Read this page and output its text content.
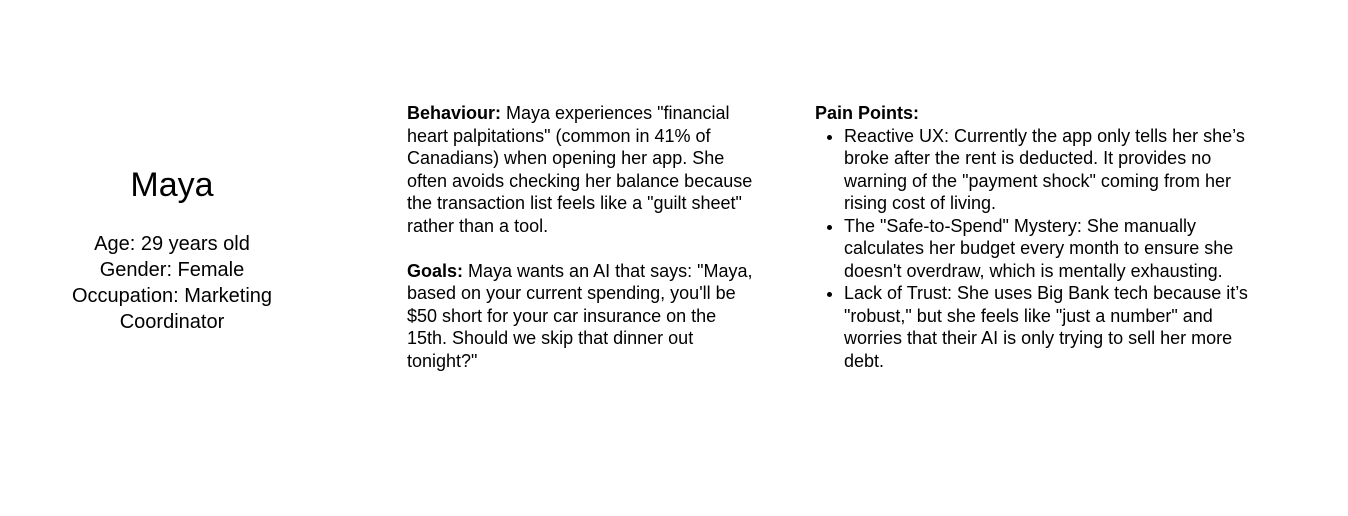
Maya
Age: 29 years old
Gender: Female
Occupation: Marketing Coordinator

Behaviour: Maya experiences "financial heart palpitations" (common in 41% of Canadians) when opening her app. She often avoids checking her balance because the transaction list feels like a "guilt sheet" rather than a tool.

Goals: Maya wants an AI that says: "Maya, based on your current spending, you'll be $50 short for your car insurance on the 15th. Should we skip that dinner out tonight?"

Pain Points:
• Reactive UX: Currently the app only tells her she’s broke after the rent is deducted. It provides no warning of the "payment shock" coming from her rising cost of living.
• The "Safe-to-Spend" Mystery: She manually calculates her budget every month to ensure she doesn't overdraw, which is mentally exhausting.
• Lack of Trust: She uses Big Bank tech because it’s "robust," but she feels like "just a number" and worries that their AI is only trying to sell her more debt.
